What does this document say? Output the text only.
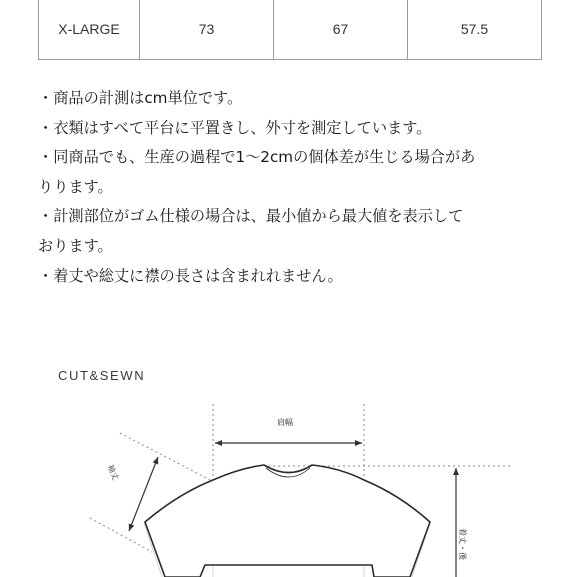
X-LARGE	73	67	57.5

・商品の計測はcm単位です。

・衣類はすべて平台に平置きし、外寸を測定しています。

・同商品でも、生産の過程で1〜2cmの個体差が生じる場合があ

りります。

・計測部位がゴム仕様の場合は、最小値から最大値を表示して

おります。

・着丈や総丈に襟の長さは含まれれません。

CUT&SEWN
肩幅
袖丈
着丈・後
